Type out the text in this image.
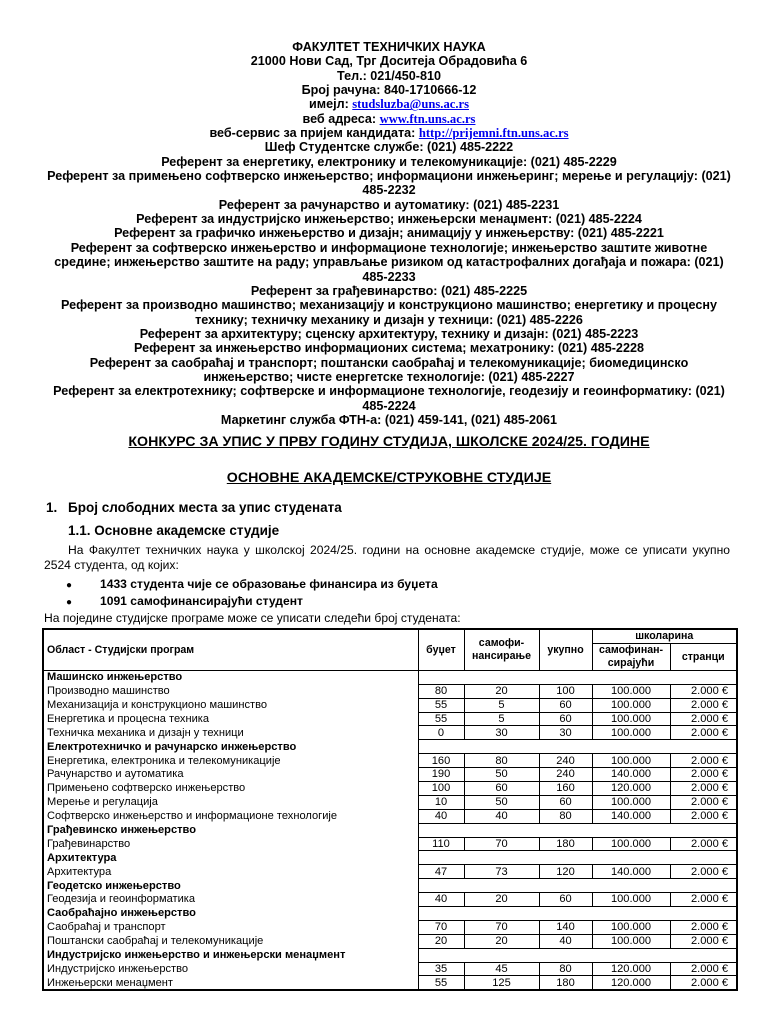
ФАКУЛТЕТ ТЕХНИЧКИХ НАУКА
21000 Нови Сад, Трг Доситеја Обрадовића 6
Тел.: 021/450-810
Број рачуна: 840-1710666-12
имејл: studsluzba@uns.ac.rs
веб адреса: www.ftn.uns.ac.rs
веб-сервис за пријем кандидата: http://prijemni.ftn.uns.ac.rs
Шеф Студентске службе: (021) 485-2222
Референт за енергетику, електронику и телекомуникације: (021) 485-2229
Референт за примењено софтверско инжењерство; информациони инжењеринг; мерење и регулацију: (021) 485-2232
Референт за рачунарство и аутоматику: (021) 485-2231
Референт за индустријско инжењерство; инжењерски менаџмент: (021) 485-2224
Референт за графичко инжењерство и дизајн; анимацију у инжењерству: (021) 485-2221
Референт за софтверско инжењерство и информационе технологије; инжењерство заштите животне средине; инжењерство заштите на раду; управљање ризиком од катастрофалних догађаја и пожара: (021) 485-2233
Референт за грађевинарство: (021) 485-2225
Референт за производно машинство; механизацију и конструкционо машинство; енергетику и процесну технику; техничку механику и дизајн у техници: (021) 485-2226
Референт за архитектуру; сценску архитектуру, технику и дизајн: (021) 485-2223
Референт за инжењерство информационих система; мехатронику: (021) 485-2228
Референт за саобраћај и транспорт; поштански саобраћај и телекомуникације; биомедицинско инжењерство; чисте енергетске технологије: (021) 485-2227
Референт за електротехнику; софтверске и информационе технологије, геодезију и геоинформатику: (021) 485-2224
Маркетинг служба ФТН-а: (021) 459-141, (021) 485-2061
КОНКУРС ЗА УПИС У ПРВУ ГОДИНУ СТУДИЈА, ШКОЛСКЕ 2024/25. ГОДИНЕ
ОСНОВНЕ АКАДЕМСКЕ/СТРУКОВНЕ СТУДИЈЕ
1. Број слободних места за упис студената
1.1. Основне академске студије
На Факултет техничких наука у школској 2024/25. години на основне академске студије, може се уписати укупно 2524 студента, од којих:
● 1433 студента чије се образовање финансира из буџета
● 1091 самофинансирајући студент
На поједине студијске програме може се уписати следећи број студената:
Област - Студијски програм	буџет	самофи-нансирање	укупно	школарина	
				самофинан-сирајући	странци
Машинско инжењерство					
Производно машинство	80	20	100	100.000	2.000 €
Механизација и конструкционо машинство	55	5	60	100.000	2.000 €
Енергетика и процесна техника	55	5	60	100.000	2.000 €
Техничка механика и дизајн у техници	0	30	30	100.000	2.000 €
Електротехничко и рачунарско инжењерство					
Енергетика, електроника и телекомуникације	160	80	240	100.000	2.000 €
Рачунарство и аутоматика	190	50	240	140.000	2.000 €
Примењено софтверско инжењерство	100	60	160	120.000	2.000 €
Мерење и регулација	10	50	60	100.000	2.000 €
Софтверско инжењерство и информационе технологије	40	40	80	140.000	2.000 €
Грађевинско инжењерство					
Грађевинарство	110	70	180	100.000	2.000 €
Архитектура					
Архитектура	47	73	120	140.000	2.000 €
Геодетско инжењерство					
Геодезија и геоинформатика	40	20	60	100.000	2.000 €
Саобраћајно инжењерство					
Саобраћај и транспорт	70	70	140	100.000	2.000 €
Поштански саобраћај и телекомуникације	20	20	40	100.000	2.000 €
Индустријско инжењерство и инжењерски менаџмент					
Индустријско инжењерство	35	45	80	120.000	2.000 €
Инжењерски менаџмент	55	125	180	120.000	2.000 €
